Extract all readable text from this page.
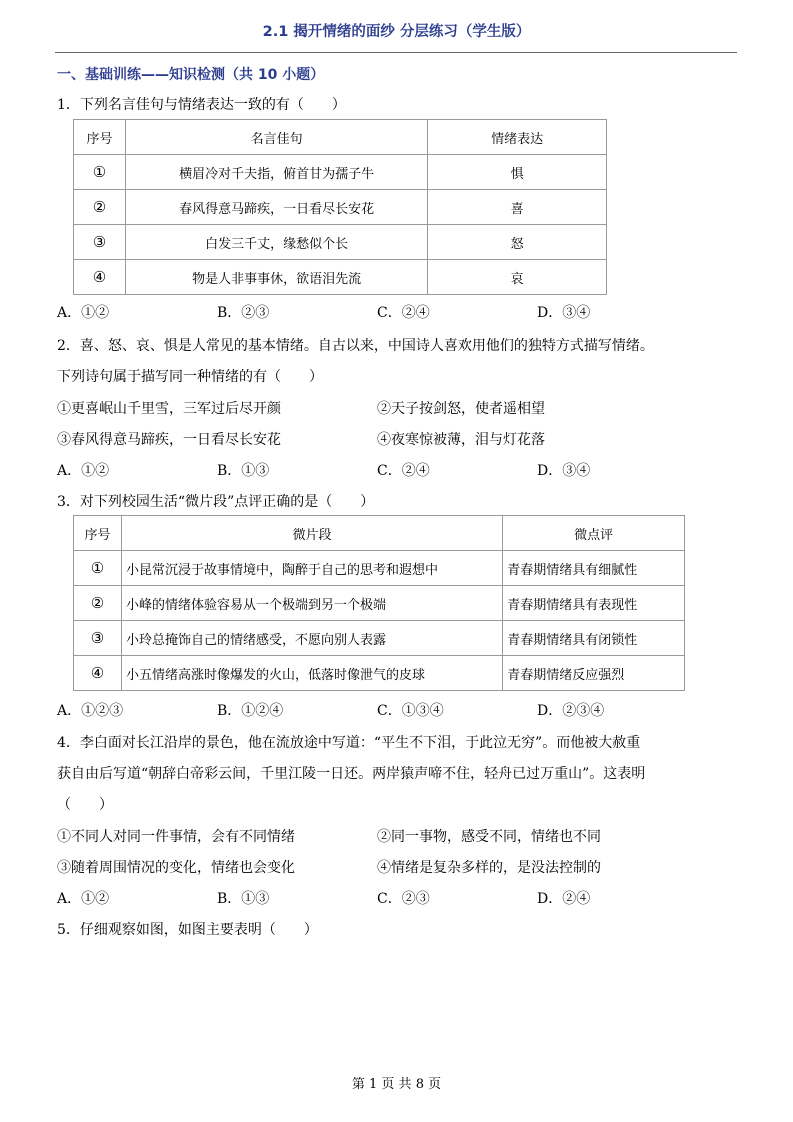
2.1 揭开情绪的面纱 分层练习（学生版）
一、基础训练——知识检测（共 10 小题）
1．下列名言佳句与情绪表达一致的有（　　）
序号	名言佳句	情绪表达
①	横眉冷对千夫指，俯首甘为孺子牛	惧
②	春风得意马蹄疾，一日看尽长安花	喜
③	白发三千丈，缘愁似个长	怒
④	物是人非事事休，欲语泪先流	哀
A．①②	B．②③	C．②④	D．③④
2．喜、怒、哀、惧是人常见的基本情绪。自古以来，中国诗人喜欢用他们的独特方式描写情绪。
下列诗句属于描写同一种情绪的有（　　）
①更喜岷山千里雪，三军过后尽开颜	②天子按剑怒，使者遥相望
③春风得意马蹄疾，一日看尽长安花	④夜寒惊被薄，泪与灯花落
A．①②	B．①③	C．②④	D．③④
3．对下列校园生活“微片段”点评正确的是（　　）
序号	微片段	微点评
①	小昆常沉浸于故事情境中，陶醉于自己的思考和遐想中	青春期情绪具有细腻性
②	小峰的情绪体验容易从一个极端到另一个极端	青春期情绪具有表现性
③	小玲总掩饰自己的情绪感受，不愿向别人表露	青春期情绪具有闭锁性
④	小五情绪高涨时像爆发的火山，低落时像泄气的皮球	青春期情绪反应强烈
A．①②③	B．①②④	C．①③④	D．②③④
4．李白面对长江沿岸的景色，他在流放途中写道：“平生不下泪，于此泣无穷”。而他被大赦重
获自由后写道“朝辞白帝彩云间，千里江陵一日还。两岸猿声啼不住，轻舟已过万重山”。这表明
（　　）
①不同人对同一件事情，会有不同情绪	②同一事物，感受不同，情绪也不同
③随着周围情况的变化，情绪也会变化	④情绪是复杂多样的，是没法控制的
A．①②	B．①③	C．②③	D．②④
5．仔细观察如图，如图主要表明（　　）
第 1 页 共 8 页
